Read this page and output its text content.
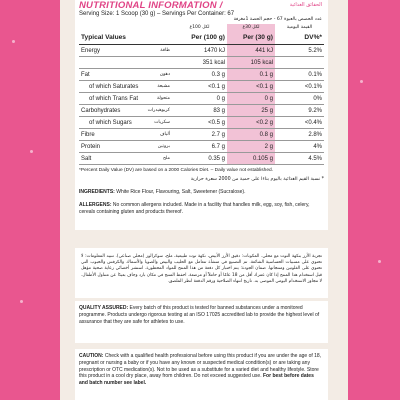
NUTRITIONAL INFORMATION /	الحقائق الغذائية
Serving Size: 1 Scoop (30 g) – Servings Per Container: 67
عدد الحصص بالعبوة 67 - حجم الحصة 1مغرفة
	لكل 100غ	لكل 30غ	القيمة اليومية
Typical Values	Per (100 g)	Per (30 g)	DV%*

Energy طاقة	1470 kJ	441 kJ	5.2%

	351 kcal	105 kcal	

Fat دهون	0.3 g	0.1 g	0.1%

of which Saturates مشبعة	<0.1 g	<0.1 g	<0.1%

of which Trans Fat متحولة	0 g	0 g	0%

Carbohydrates كربوهيدرات	83 g	25 g	9.2%

of which Sugars سكريات	<0.5 g	<0.2 g	<0.4%

Fibre ألياف	2.7 g	0.8 g	2.8%

Protein بروتين	6.7 g	2 g	4%

Salt ملح	0.35 g	0.105 g	4.5%
*Percent Daily Value (DV) are based on a 2000 Calories Diet. – Daily value not established.
* نسبة القيم الغذائية باليوم بناءا على حمية من 2000 سعرة حرارية
INGREDIENTS: White Rice Flour, Flavouring, Salt, Sweetener (Sucralose).
ALLERGENS: No common allergens included. Made in a facility that handles milk, egg, soy, fish, celery, cereals containing gluten and products thereof.
تجربة الأرز بنكهة التوت مع محلي. المكونات: دقيق الأرز الأبيض، نكهة توت طبيعية، ملح، سوكرالوز (محلي صناعي). تنبيه المعلومات: لا تحتوي على مسببات الحساسية الشائعة. تم التصنيع في منشأة تتعامل مع الحليب والبيض والصويا والأسماك والكرفس والحبوب التي تحتوي على الغلوتين ومنتجاتها. ضمان الجودة: يتم اختبار كل دفعة من هذا المنتج للمواد المحظورة. استشر أخصائي رعاية صحية مؤهل قبل استخدام هذا المنتج إذا كان عمرك أقل من 18 عامًا أو حاملاً أو مرضعة. احفظ المنتج في مكان بارد وجاف بعيدًا عن متناول الأطفال. لا تتجاوز الاستخدام اليومي الموصى به. تاريخ انتهاء الصلاحية ورقم الدفعة انظر الملصق.
QUALITY ASSURED: Every batch of this product is tested for banned substances under a monitored programme. Products undergo rigorous testing at an ISO 17025 accredited lab to provide the highest level of assurance that they are safe for athletes to use.
CAUTION: Check with a qualified health professional before using this product if you are under the age of 18, pregnant or nursing a baby or if you have any known or suspected medical condition(s) or are taking any prescription or OTC medication(s). Not to be used as a substitute for a varied diet and healthy lifestyle. Store this product in a cool dry place, away from children. Do not exceed suggested use. For best before dates and batch number see label.
